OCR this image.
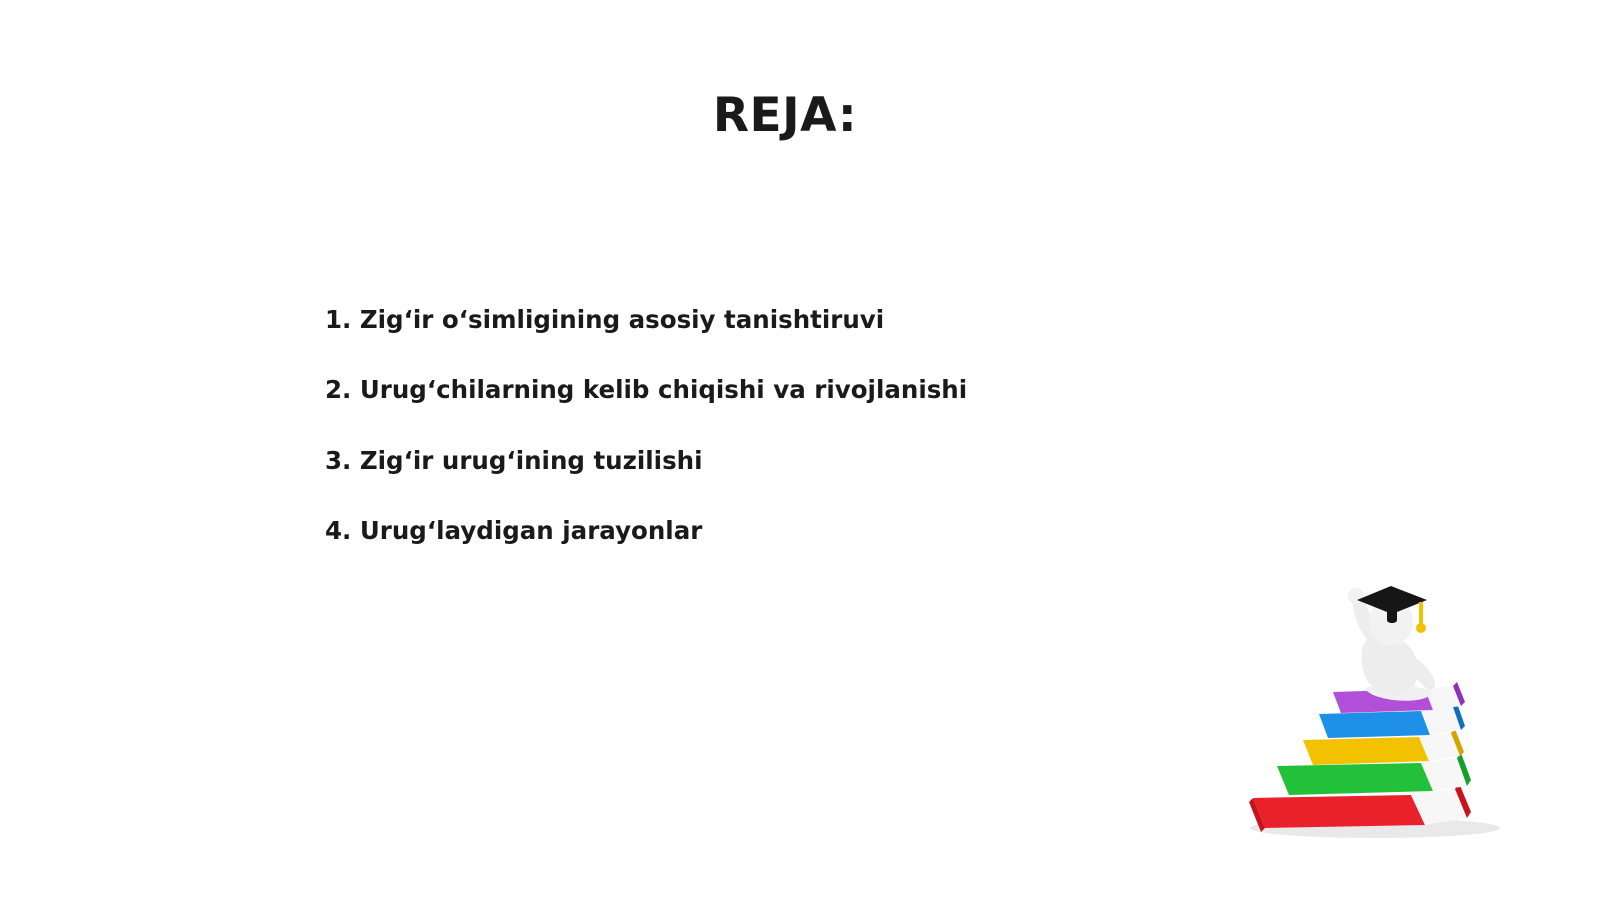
REJA:
1. Zig‘ir o‘simligining asosiy tanishtiruvi
2. Urug‘chilarning kelib chiqishi va rivojlanishi
3. Zig‘ir urug‘ining tuzilishi
4. Urug‘laydigan jarayonlar
